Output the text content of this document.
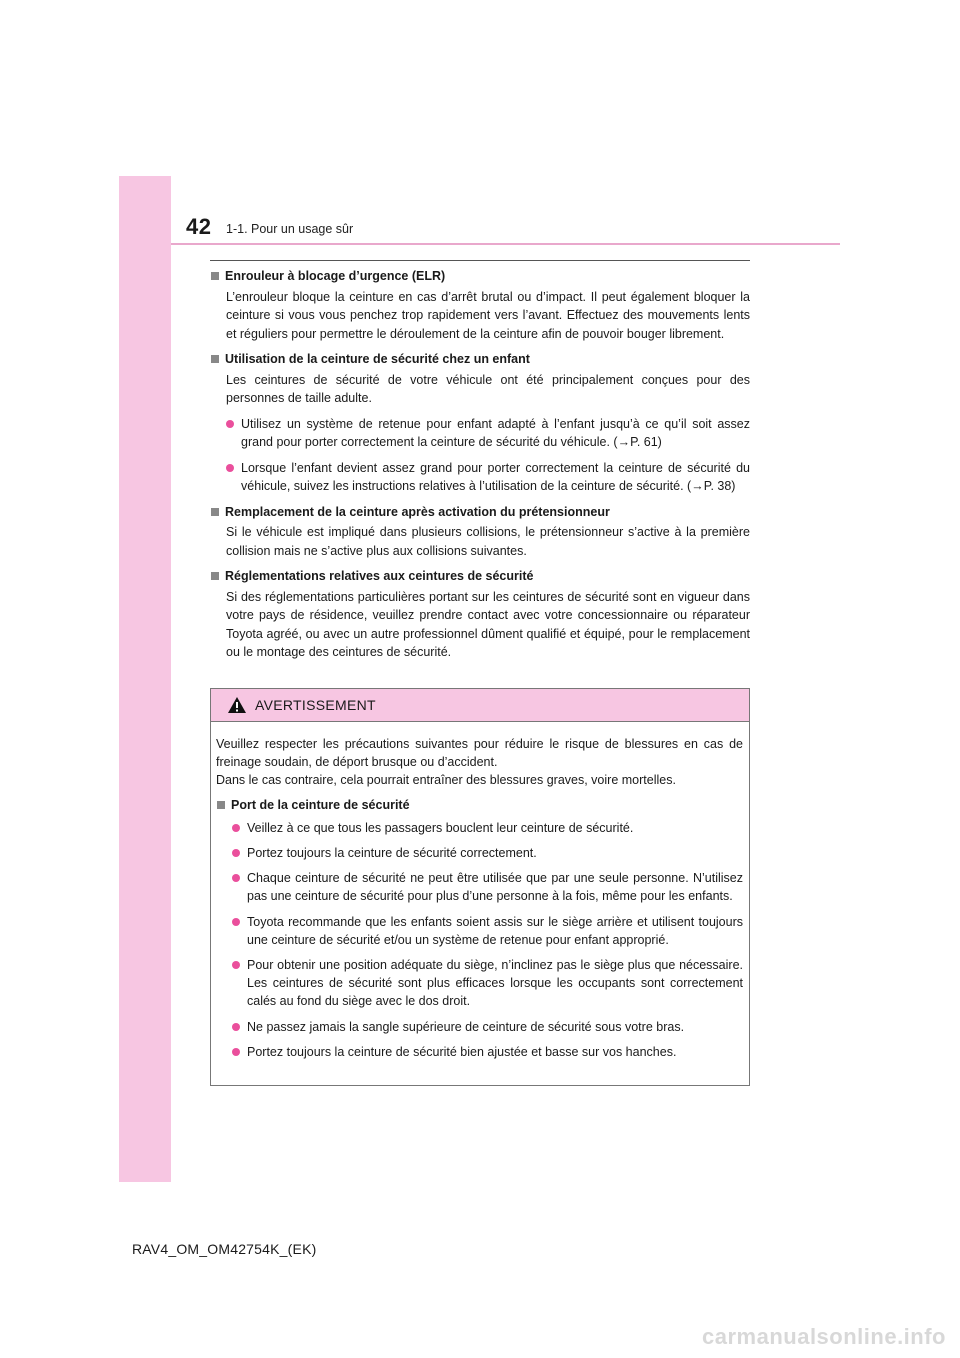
42 1-1. Pour un usage sûr
Enrouleur à blocage d’urgence (ELR)
L’enrouleur bloque la ceinture en cas d’arrêt brutal ou d’impact. Il peut également bloquer la ceinture si vous vous penchez trop rapidement vers l’avant. Effectuez des mouvements lents et réguliers pour permettre le déroulement de la ceinture afin de pouvoir bouger librement.
Utilisation de la ceinture de sécurité chez un enfant
Les ceintures de sécurité de votre véhicule ont été principalement conçues pour des personnes de taille adulte.
Utilisez un système de retenue pour enfant adapté à l’enfant jusqu’à ce qu’il soit assez grand pour porter correctement la ceinture de sécurité du véhicule. (→P. 61)
Lorsque l’enfant devient assez grand pour porter correctement la ceinture de sécurité du véhicule, suivez les instructions relatives à l’utilisation de la ceinture de sécurité. (→P. 38)
Remplacement de la ceinture après activation du prétensionneur
Si le véhicule est impliqué dans plusieurs collisions, le prétensionneur s’active à la première collision mais ne s’active plus aux collisions suivantes.
Réglementations relatives aux ceintures de sécurité
Si des réglementations particulières portant sur les ceintures de sécurité sont en vigueur dans votre pays de résidence, veuillez prendre contact avec votre concessionnaire ou réparateur Toyota agréé, ou avec un autre professionnel dûment qualifié et équipé, pour le remplacement ou le montage des ceintures de sécurité.
AVERTISSEMENT
Veuillez respecter les précautions suivantes pour réduire le risque de blessures en cas de freinage soudain, de déport brusque ou d’accident.
Dans le cas contraire, cela pourrait entraîner des blessures graves, voire mortelles.
Port de la ceinture de sécurité
Veillez à ce que tous les passagers bouclent leur ceinture de sécurité.
Portez toujours la ceinture de sécurité correctement.
Chaque ceinture de sécurité ne peut être utilisée que par une seule personne. N’utilisez pas une ceinture de sécurité pour plus d’une personne à la fois, même pour les enfants.
Toyota recommande que les enfants soient assis sur le siège arrière et utilisent toujours une ceinture de sécurité et/ou un système de retenue pour enfant approprié.
Pour obtenir une position adéquate du siège, n’inclinez pas le siège plus que nécessaire. Les ceintures de sécurité sont plus efficaces lorsque les occupants sont correctement calés au fond du siège avec le dos droit.
Ne passez jamais la sangle supérieure de ceinture de sécurité sous votre bras.
Portez toujours la ceinture de sécurité bien ajustée et basse sur vos hanches.
RAV4_OM_OM42754K_(EK)
carmanualsonline.info
